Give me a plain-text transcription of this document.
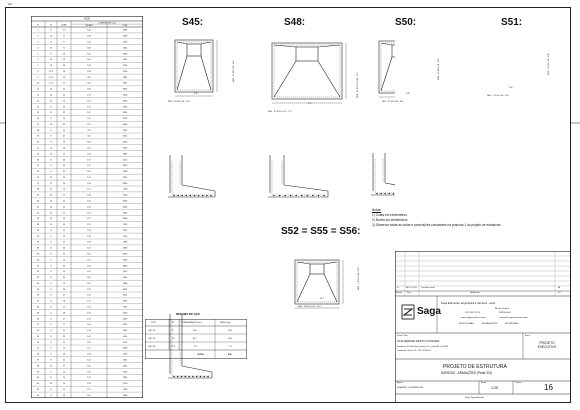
A2
AÇO
N	Ø	QUANT
COMPRIMENTO (cm)
UNITÁRIO	TOTAL
1	8	11	142	1562
2	10	11	168	1848
3	8	8	142	1136
4	10	8	168	1344
5	8	13	142	1846
6	10	13	142	1562
7	10	44	167	7348
8	12.5	14	196	2744
9	12.5	13	205	2665
10	12.5	11	212	2332
11	10	21	182	3822
12	10	14	147	2058
13	10	20	152	3040
14	8	15	152	2280
15	8	22	147	3234
16	8	14	152	2128
17	10	30	122	3660
18	8	11	117	1287
19	8	21	112	2352
20	8	14	160	2240
21	10	20	150	3000
22	10	13	142	1846
23	8	30	137	4110
24	8	30	127	3810
25	8	39	142	5538
26	10	14	191	2674
27	8	20	142	2840
28	10	14	152	2128
29	10	17	148	2516
30	10	20	152	3040
31	10	22	152	3344
32	10	17	152	2584
33	10	14	172	2408
34	10	14	152	2128
35	8	22	133	2926
36	8	15	142	2130
37	8	14	142	1988
38	8	24	142	3408
39	8	23	152	3496
40	8	15	152	2280
41	8	20	142	2840
42	8	13	152	1976
43	8	30	182	5460
44	8	13	142	1846
45	8	28	152	4256
46	8	17	142	2414
47	8	18	172	3096
48	8	15	133	1995
49	8	28	147	4116
50	8	17	147	2499
51	8	11	142	1562
52	8	11	132	1452
53	8	22	142	3124
54	8	15	142	2130
55	8	14	147	2058
56	8	14	152	2128
57	8	11	142	1562
58	10	17	142	2414
59	8	15	142	2130
60	8	11	172	1892
61	10	14	152	2128
62	8	15	152	2280
63	8	13	142	1846
S45:	S48:	S50:	S51:
S52 = S55 = S56:
N03 - 13 Ø 8 c/8 - 122
N55 - 11 Ø 10 c/12 - 177
N57 - 11 Ø 8 c/8 - 142
N60 - 7 Ø 10 c/8 - 132
N61 - 6 Ø 10 c/10 - 112
N06 - 13 Ø 8 c/8 - 167
N56 - 11 Ø 12.5 c/12 - 177
N58 - 13 Ø 8 c/8 - 117	N59 - 7 Ø 10 c/8 - 109
N62 - 7 Ø 10 c/10 - 112
122
177
142
132
112
Notas:
1) Cotas em centímetros
2) Níveis em centímetros
3) Observar todas as notas e prescrições constantes na prancha 1 do projeto de estruturas
RESUMO DE AÇO
TIPO	Ø	COMPRIMENTO (m)	PESO (kg)
CA - 50	8	653	258
CA - 50	10	817	504
CA - 50	12.5	76	74
TOTAL	836
01	REV 1 / FR 01 Conteúdo: revisão	ZA
Revisão	Data	Modificações	Vis.
Saga
Saga Estruturas, Engenharia e Serviços - eireli
Rio de Janeiro
(21) 2617-2713	99976-4001
www.sagaestruturas.com	contato@sagaestruturas.com
ESTRUTURAS	INSTALAÇÕES	INTERIORES
Cliente / Obra
GUILHERME SESTO KÖHNER
Residência: Rua Sítio Farinha Vassalo, s/nº - Quadra 88, Lote 37/38
Condomínio - Maricá / RJ - CEP: 24.930-651
Status
PROJETO EXECUTIVO
PROJETO DE ESTRUTURA
SAPATAS - ARMAÇÕES (Parte 2/3)
Arquivo
SAGA078051_02-ESTARM2LJ830
Escala
1:25
Prancha	16
Planta: Sapatas Armação
